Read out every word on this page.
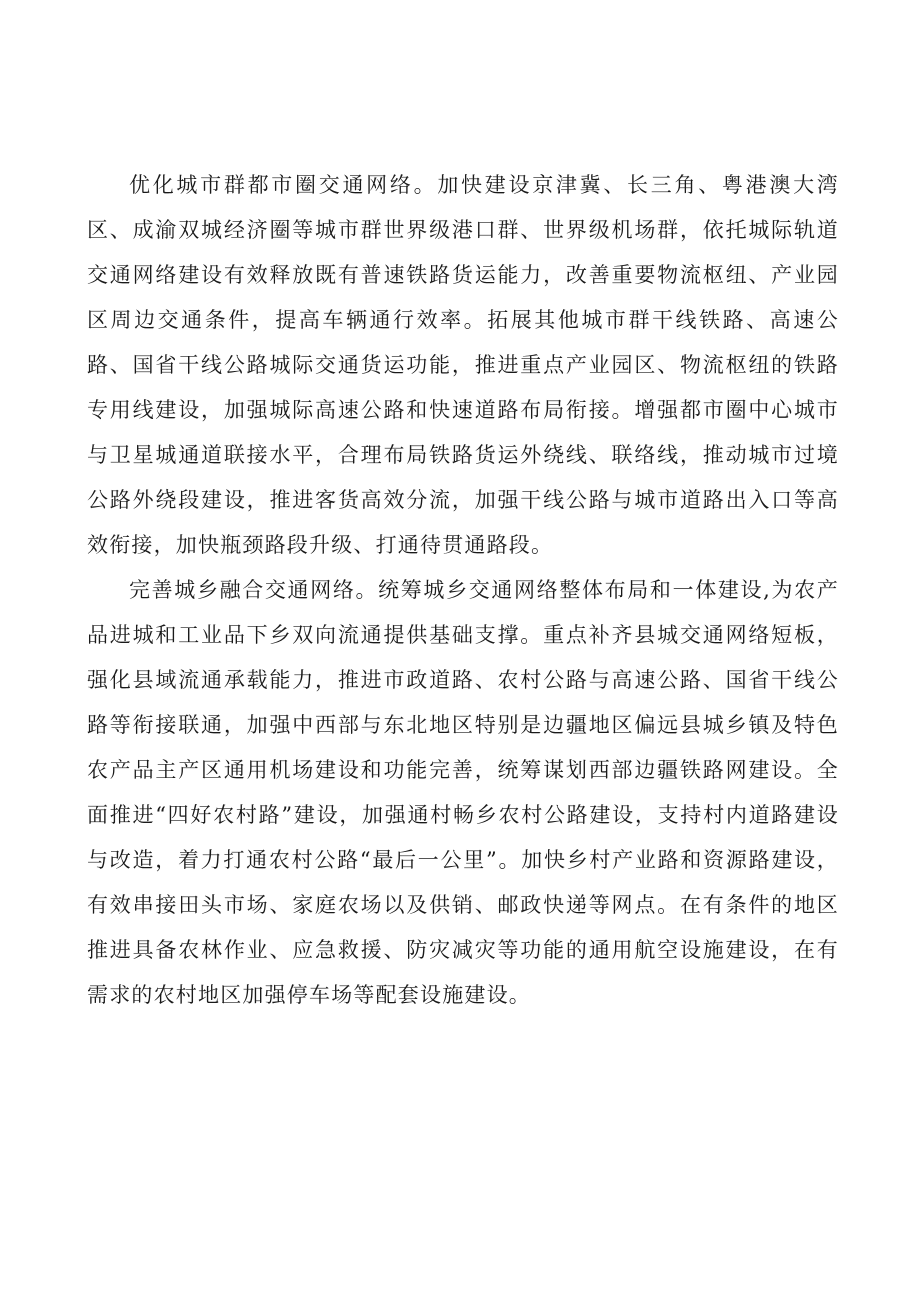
优化城市群都市圈交通网络。加快建设京津冀、长三角、粤港澳大湾区、成渝双城经济圈等城市群世界级港口群、世界级机场群，依托城际轨道交通网络建设有效释放既有普速铁路货运能力，改善重要物流枢纽、产业园区周边交通条件，提高车辆通行效率。拓展其他城市群干线铁路、高速公路、国省干线公路城际交通货运功能，推进重点产业园区、物流枢纽的铁路专用线建设，加强城际高速公路和快速道路布局衔接。增强都市圈中心城市与卫星城通道联接水平，合理布局铁路货运外绕线、联络线，推动城市过境公路外绕段建设，推进客货高效分流，加强干线公路与城市道路出入口等高效衔接，加快瓶颈路段升级、打通待贯通路段。

完善城乡融合交通网络。统筹城乡交通网络整体布局和一体建设,为农产品进城和工业品下乡双向流通提供基础支撑。重点补齐县城交通网络短板，强化县域流通承载能力，推进市政道路、农村公路与高速公路、国省干线公路等衔接联通，加强中西部与东北地区特别是边疆地区偏远县城乡镇及特色农产品主产区通用机场建设和功能完善，统筹谋划西部边疆铁路网建设。全面推进“四好农村路”建设，加强通村畅乡农村公路建设，支持村内道路建设与改造，着力打通农村公路“最后一公里”。加快乡村产业路和资源路建设，有效串接田头市场、家庭农场以及供销、邮政快递等网点。在有条件的地区推进具备农林作业、应急救援、防灾减灾等功能的通用航空设施建设，在有需求的农村地区加强停车场等配套设施建设。
